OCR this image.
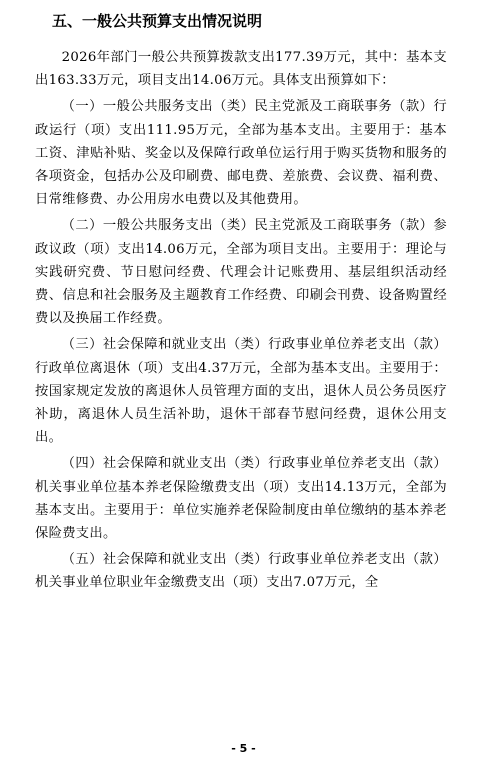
五、一般公共预算支出情况说明

2026年部门一般公共预算拨款支出177.39万元，其中：基本支出163.33万元，项目支出14.06万元。具体支出预算如下：

（一）一般公共服务支出（类）民主党派及工商联事务（款）行政运行（项）支出111.95万元，全部为基本支出。主要用于：基本工资、津贴补贴、奖金以及保障行政单位运行用于购买货物和服务的各项资金，包括办公及印刷费、邮电费、差旅费、会议费、福利费、日常维修费、办公用房水电费以及其他费用。

（二）一般公共服务支出（类）民主党派及工商联事务（款）参政议政（项）支出14.06万元，全部为项目支出。主要用于：理论与实践研究费、节日慰问经费、代理会计记账费用、基层组织活动经费、信息和社会服务及主题教育工作经费、印刷会刊费、设备购置经费以及换届工作经费。

（三）社会保障和就业支出（类）行政事业单位养老支出（款）行政单位离退休（项）支出4.37万元，全部为基本支出。主要用于：按国家规定发放的离退休人员管理方面的支出，退休人员公务员医疗补助，离退休人员生活补助，退休干部春节慰问经费，退休公用支出。

（四）社会保障和就业支出（类）行政事业单位养老支出（款）机关事业单位基本养老保险缴费支出（项）支出14.13万元，全部为基本支出。主要用于：单位实施养老保险制度由单位缴纳的基本养老保险费支出。

（五）社会保障和就业支出（类）行政事业单位养老支出（款）机关事业单位职业年金缴费支出（项）支出7.07万元，全

- 5 -
